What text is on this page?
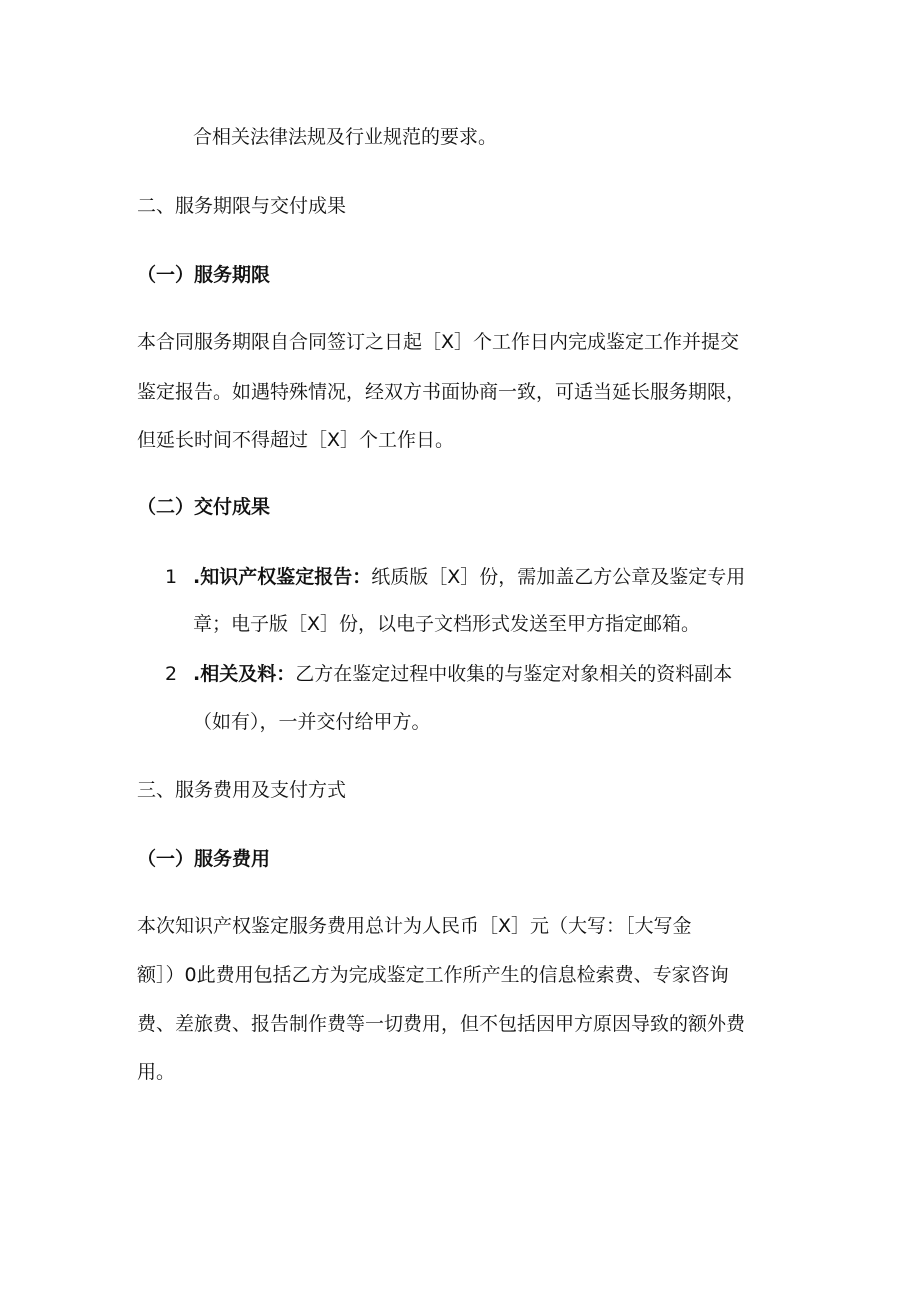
合相关法律法规及行业规范的要求。
二、服务期限与交付成果
（一）服务期限
本合同服务期限自合同签订之日起［X］个工作日内完成鉴定工作并提交
鉴定报告。如遇特殊情况，经双方书面协商一致，可适当延长服务期限，
但延长时间不得超过［X］个工作日。
（二）交付成果
1 .知识产权鉴定报告：纸质版［X］份，需加盖乙方公章及鉴定专用
章；电子版［X］份，以电子文档形式发送至甲方指定邮箱。
2 .相关及料：乙方在鉴定过程中收集的与鉴定对象相关的资料副本
（如有），一并交付给甲方。
三、服务费用及支付方式
（一）服务费用
本次知识产权鉴定服务费用总计为人民币［X］元（大写：［大写金
额］）0此费用包括乙方为完成鉴定工作所产生的信息检索费、专家咨询
费、差旅费、报告制作费等一切费用，但不包括因甲方原因导致的额外费
用。
